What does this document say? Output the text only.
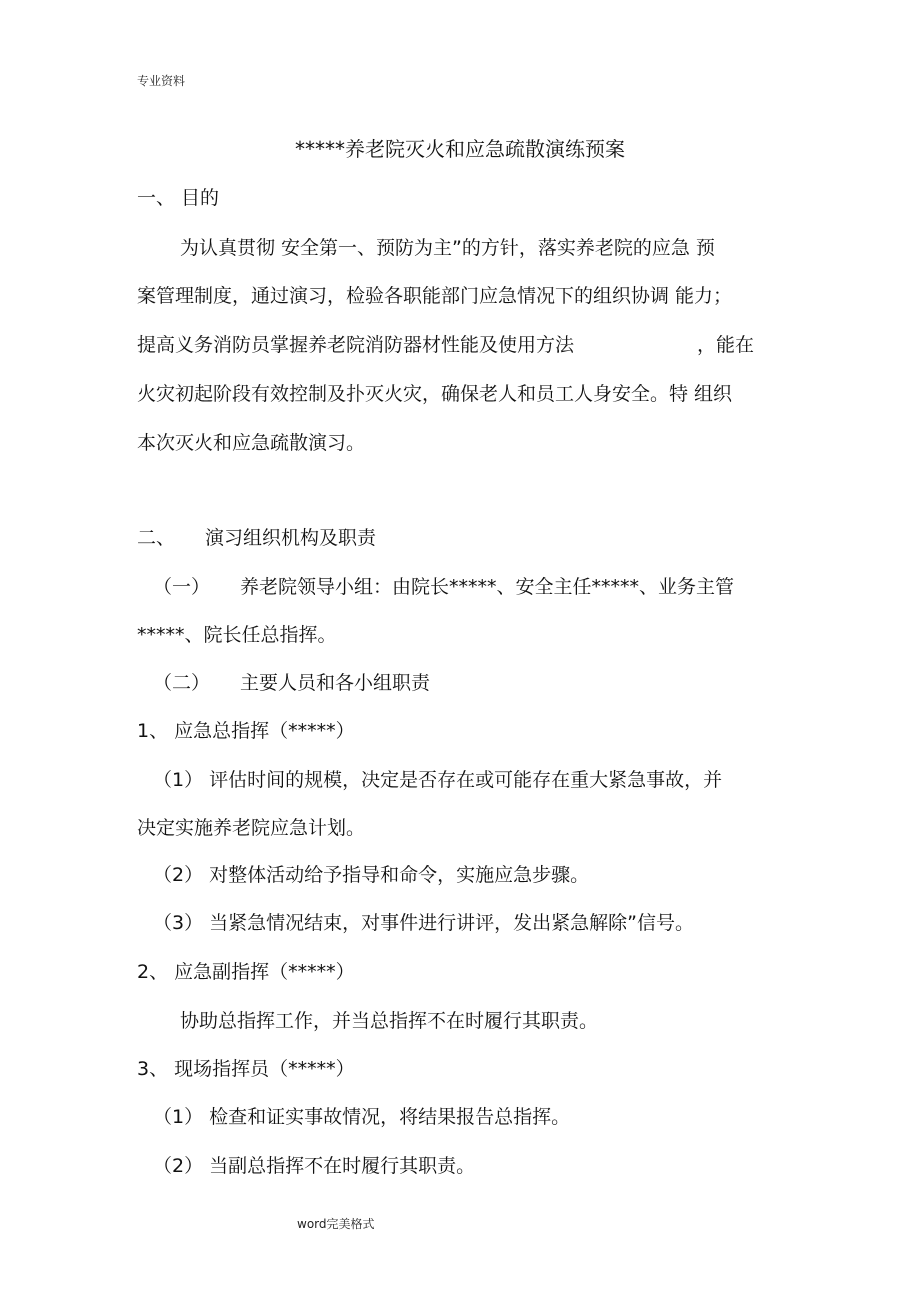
专业资料
*****养老院灭火和应急疏散演练预案
一、 目的
为认真贯彻 安全第一、预防为主”的方针，落实养老院的应急 预
案管理制度，通过演习，检验各职能部门应急情况下的组织协调 能力；
提高义务消防员掌握养老院消防器材性能及使用方法	，能在
火灾初起阶段有效控制及扑灭火灾，确保老人和员工人身安全。特 组织
本次灭火和应急疏散演习。
二、 演习组织机构及职责
（一） 养老院领导小组：由院长*****、安全主任*****、业务主管
*****、院长任总指挥。
（二） 主要人员和各小组职责
1、 应急总指挥（*****）
（1） 评估时间的规模，决定是否存在或可能存在重大紧急事故，并
决定实施养老院应急计划。
（2） 对整体活动给予指导和命令，实施应急步骤。
（3） 当紧急情况结束，对事件进行讲评，发出紧急解除”信号。
2、 应急副指挥（*****）
协助总指挥工作，并当总指挥不在时履行其职责。
3、 现场指挥员（*****）
（1） 检查和证实事故情况，将结果报告总指挥。
（2） 当副总指挥不在时履行其职责。
word完美格式
